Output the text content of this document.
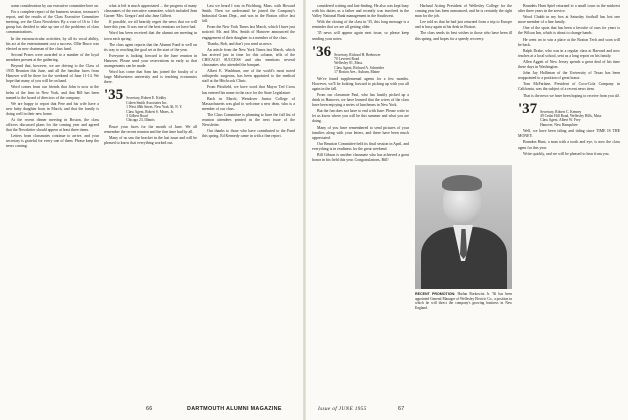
some consideration by our executive committee here on.

For a complete report of the business session, treasurer's report, and the results of the Class Executive Committee meeting, see the Class Newsletter. By a vote of 16 to 1 the group has decided to take up one of the problems of class communications.

In the extracurricular activities, by all its vocal ability, his act at the entertainment cost a success. Ollie Bruce was elected as new chairman of the class fund.

Second Prizes were awarded to a number of the loyal members present at the gathering.

Beyond that, however, we are driving to the Class of 1935 Reunion this June, and all the familiar faces from Hanover will be there for the weekend of June 11-14. We hope that many of you will be on hand.

Word comes from our friends that John is now at the helm of the firm in New York, and that Bill has been named to the board of directors of the company.

We are happy to report that Pete and his wife have a new baby daughter born in March, and that the family is doing well in their new home.

At the recent dinner meeting in Boston, the class officers discussed plans for the coming year and agreed that the Newsletter should appear at least three times.

Letters from classmates continue to arrive, and your secretary is grateful for every one of them. Please keep the news coming.

what is left is much appreciated ... the progress of many classmates of the executive commitee, which included Jean Garner 'Mrs. Gregori' and also Jane Gilbert.

If possible, we all heartily regret the news that we will have this year. It was one of the best reunions we have had.

Word has been received that the alumni are meeting in town each spring.

The class agent reports that the Alumni Fund is well on its way to reaching the goal set at the start of the year.

Everyone is looking forward to the June reunion in Hanover. Please send your reservations in early so that arrangements can be made.

Word has come that Sam has joined the faculty of a large Midwestern university and is teaching economics there.

'35 Secretary, Robert E. Kirkby
Cohen Smith Associates Inc.
1 West 48th Street, New York 36, N. Y.
Class Agent, Robert S. Mears, Jr.
3 Gilbert Road
Chicago 23, Illinois

Brace your faces for the month of June. We all remember the recent reunion and the fine time had by all.

Many of us saw the bracket in the last issue and will be pleased to know that everything worked out.

Last we heard I was in Fitchburg, Mass. with Howard Smith. Then we understand he joined the Company's Industrial Grant Dept., and was in the Boston office last fall.

From the New York Times last March, which I have just noticed: Mr. and Mrs. Smith of Hanover announced the engagement of their daughter to a member of the class.

Thanks, Bob, and don't you send us news.

An article from the New York Times last March, which has arrived just in time for this column, tells of the CHICAGO SUCCESS and also mentions several classmates who attended the banquet.

Albert E. Washburn, one of the world's most noted orthopedic surgeons, has been appointed to the medical staff at the Hitchcock Clinic.

From Pittsfield, we have word that Mayor Ted Cross has entered his name in the race for the State Legislature.

Back in March, Wendover Junior College of Massachusetts was glad to welcome a new dean, who is a member of our class.

The Class Committee is planning to have the full list of reunion attendees printed in the next issue of the Newsletter.

Our thanks to those who have contributed to the Fund this spring. Ed Kennedy came in with a fine report.

considered writing and fast-finding. He also was kept busy with his duties as a father and recently was involved in the Valley National Bank management in the Southwest.

With the closing of the class in '35, this long message is a reminder that we are all getting older.

'35 news will appear again next issue, so please keep sending your notes.

'36 Secretary, Richard H. Beebower
70 Leverett Road
Wellesley 81, Mass.
Class Agent, Richard A. Schneider
17 Boston Ave., Auburn, Maine

We've found supplemental agents for a few months. However, we'll be looking forward to picking up with you all again in the fall.

From our classmate Paul, who has hastily picked up a drink in Hanover, we have learned that the wives of the class have been enjoying a series of luncheons in New York.

But the fun does not have to end with June. Please write to let us know where you will be this summer and what you are doing.

Many of you have remembered to send pictures of your families along with your letters, and these have been much appreciated.

Our Reunion Committee held its final session in April, and everything is in readiness for the great weekend.

Bill Gibson is another classmate who has achieved a great honor in his field this year. Congratulations, Bill!

Harland Acting President of Wellesley College for the coming year has been announced, and he is certainly the right man for the job.

Lee told us that he had just returned from a trip to Europe and is busy again at his desk in Boston.

The class sends its best wishes to those who have been ill this spring, and hopes for a speedy recovery.

RECENT PROMOTION: Harlan Borkowitz Jr. '36 has been appointed General Manager of Wellesley Electric Co., a position in which he will direct the company's growing business in New England.

Brandeis Hunt Spiel returned to a small town in the midwest after three years in the service.

Wood Chubb in my box at Saturday football has lost one more member of a fine family.

One of the spots that has been a favorite of ours for years is the Wilson Inn, which is about to change hands.

He went on to win a place at the Boston Tech and soon will be back.

Ralph Drake, who was in a regular class at Harvard and now teaches at a local school, sent us a long report on his family.

Allen Aggett of New Jersey spends a great deal of his time these days in Washington.

John Jay Holliman of the University of Texas has been reappointed to a position of great honor.

Tom McFarlane, President of Coca-Cola Company in California, was the subject of a recent news item.

That is the news we have been hoping to receive from you all.

'37 Secretary, Robert C. Kenney
49 Cedar Hill Road, Wellesley Hills, Mass.
Class Agent, Albert W. Frey
Hanover, New Hampshire

Well, we have been tiding and tiding since TIME IS THE MONEY.

Brandon Hunt, a man with a tooth and eye, is now the class agent for this year.

Write quickly, and we will be pleased to hear from you.

66	DARTMOUTH ALUMNI MAGAZINE	Issue of JUNE 1955	67
